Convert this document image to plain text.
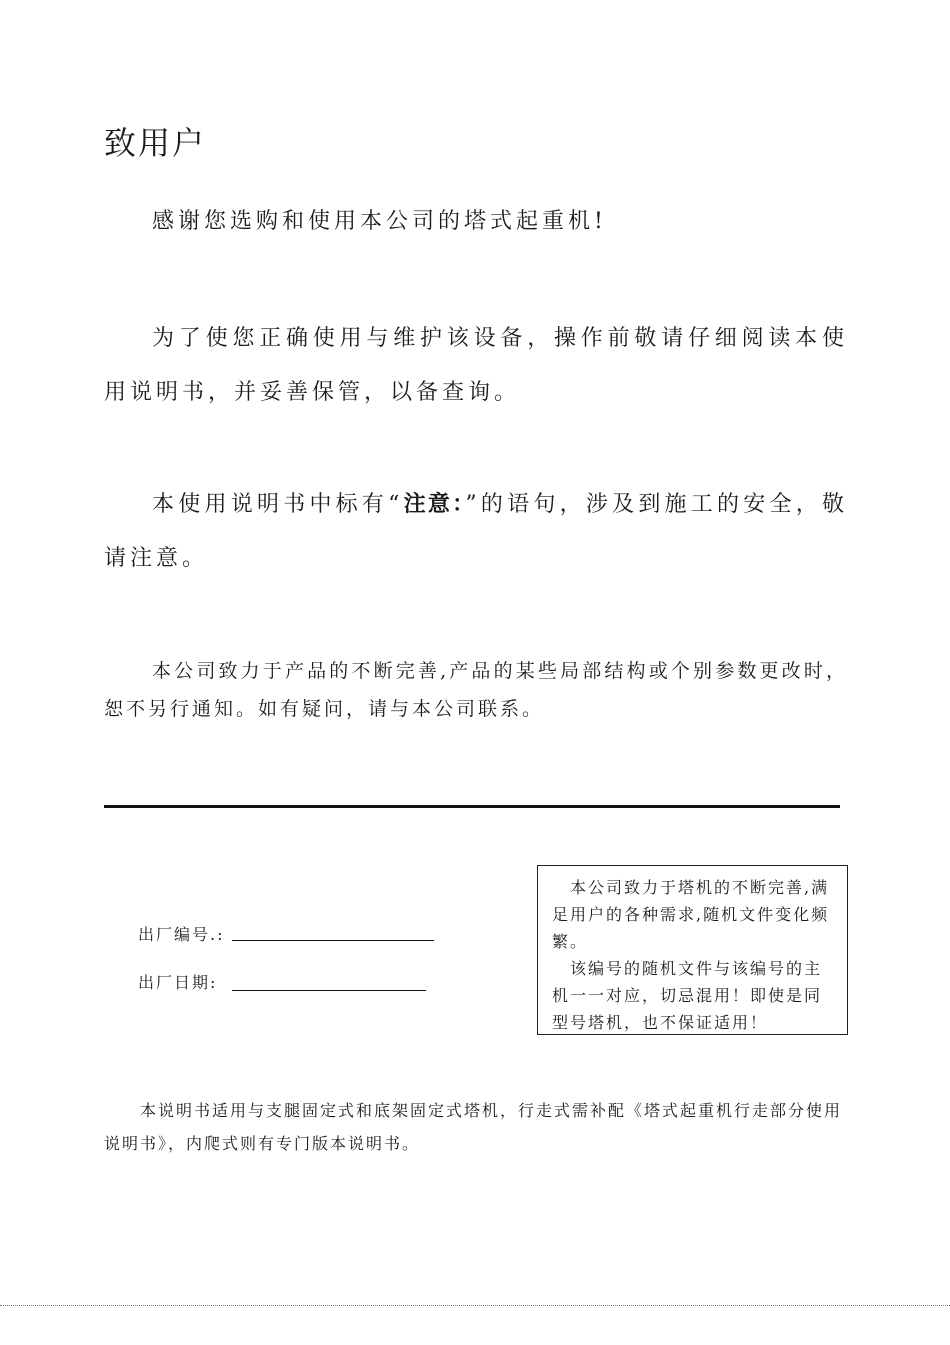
致用户
感谢您选购和使用本公司的塔式起重机!
为了使您正确使用与维护该设备，操作前敬请仔细阅读本使用说明书，并妥善保管，以备查询。
本使用说明书中标有“注意：”的语句，涉及到施工的安全，敬请注意。
本公司致力于产品的不断完善,产品的某些局部结构或个别参数更改时，恕不另行通知。如有疑问，请与本公司联系。
出厂编号.:
出厂日期:

本公司致力于塔机的不断完善,满足用户的各种需求,随机文件变化频繁。

该编号的随机文件与该编号的主机一一对应，切忌混用！即使是同型号塔机，也不保证适用！

本说明书适用与支腿固定式和底架固定式塔机，行走式需补配《塔式起重机行走部分使用说明书》，内爬式则有专门版本说明书。
